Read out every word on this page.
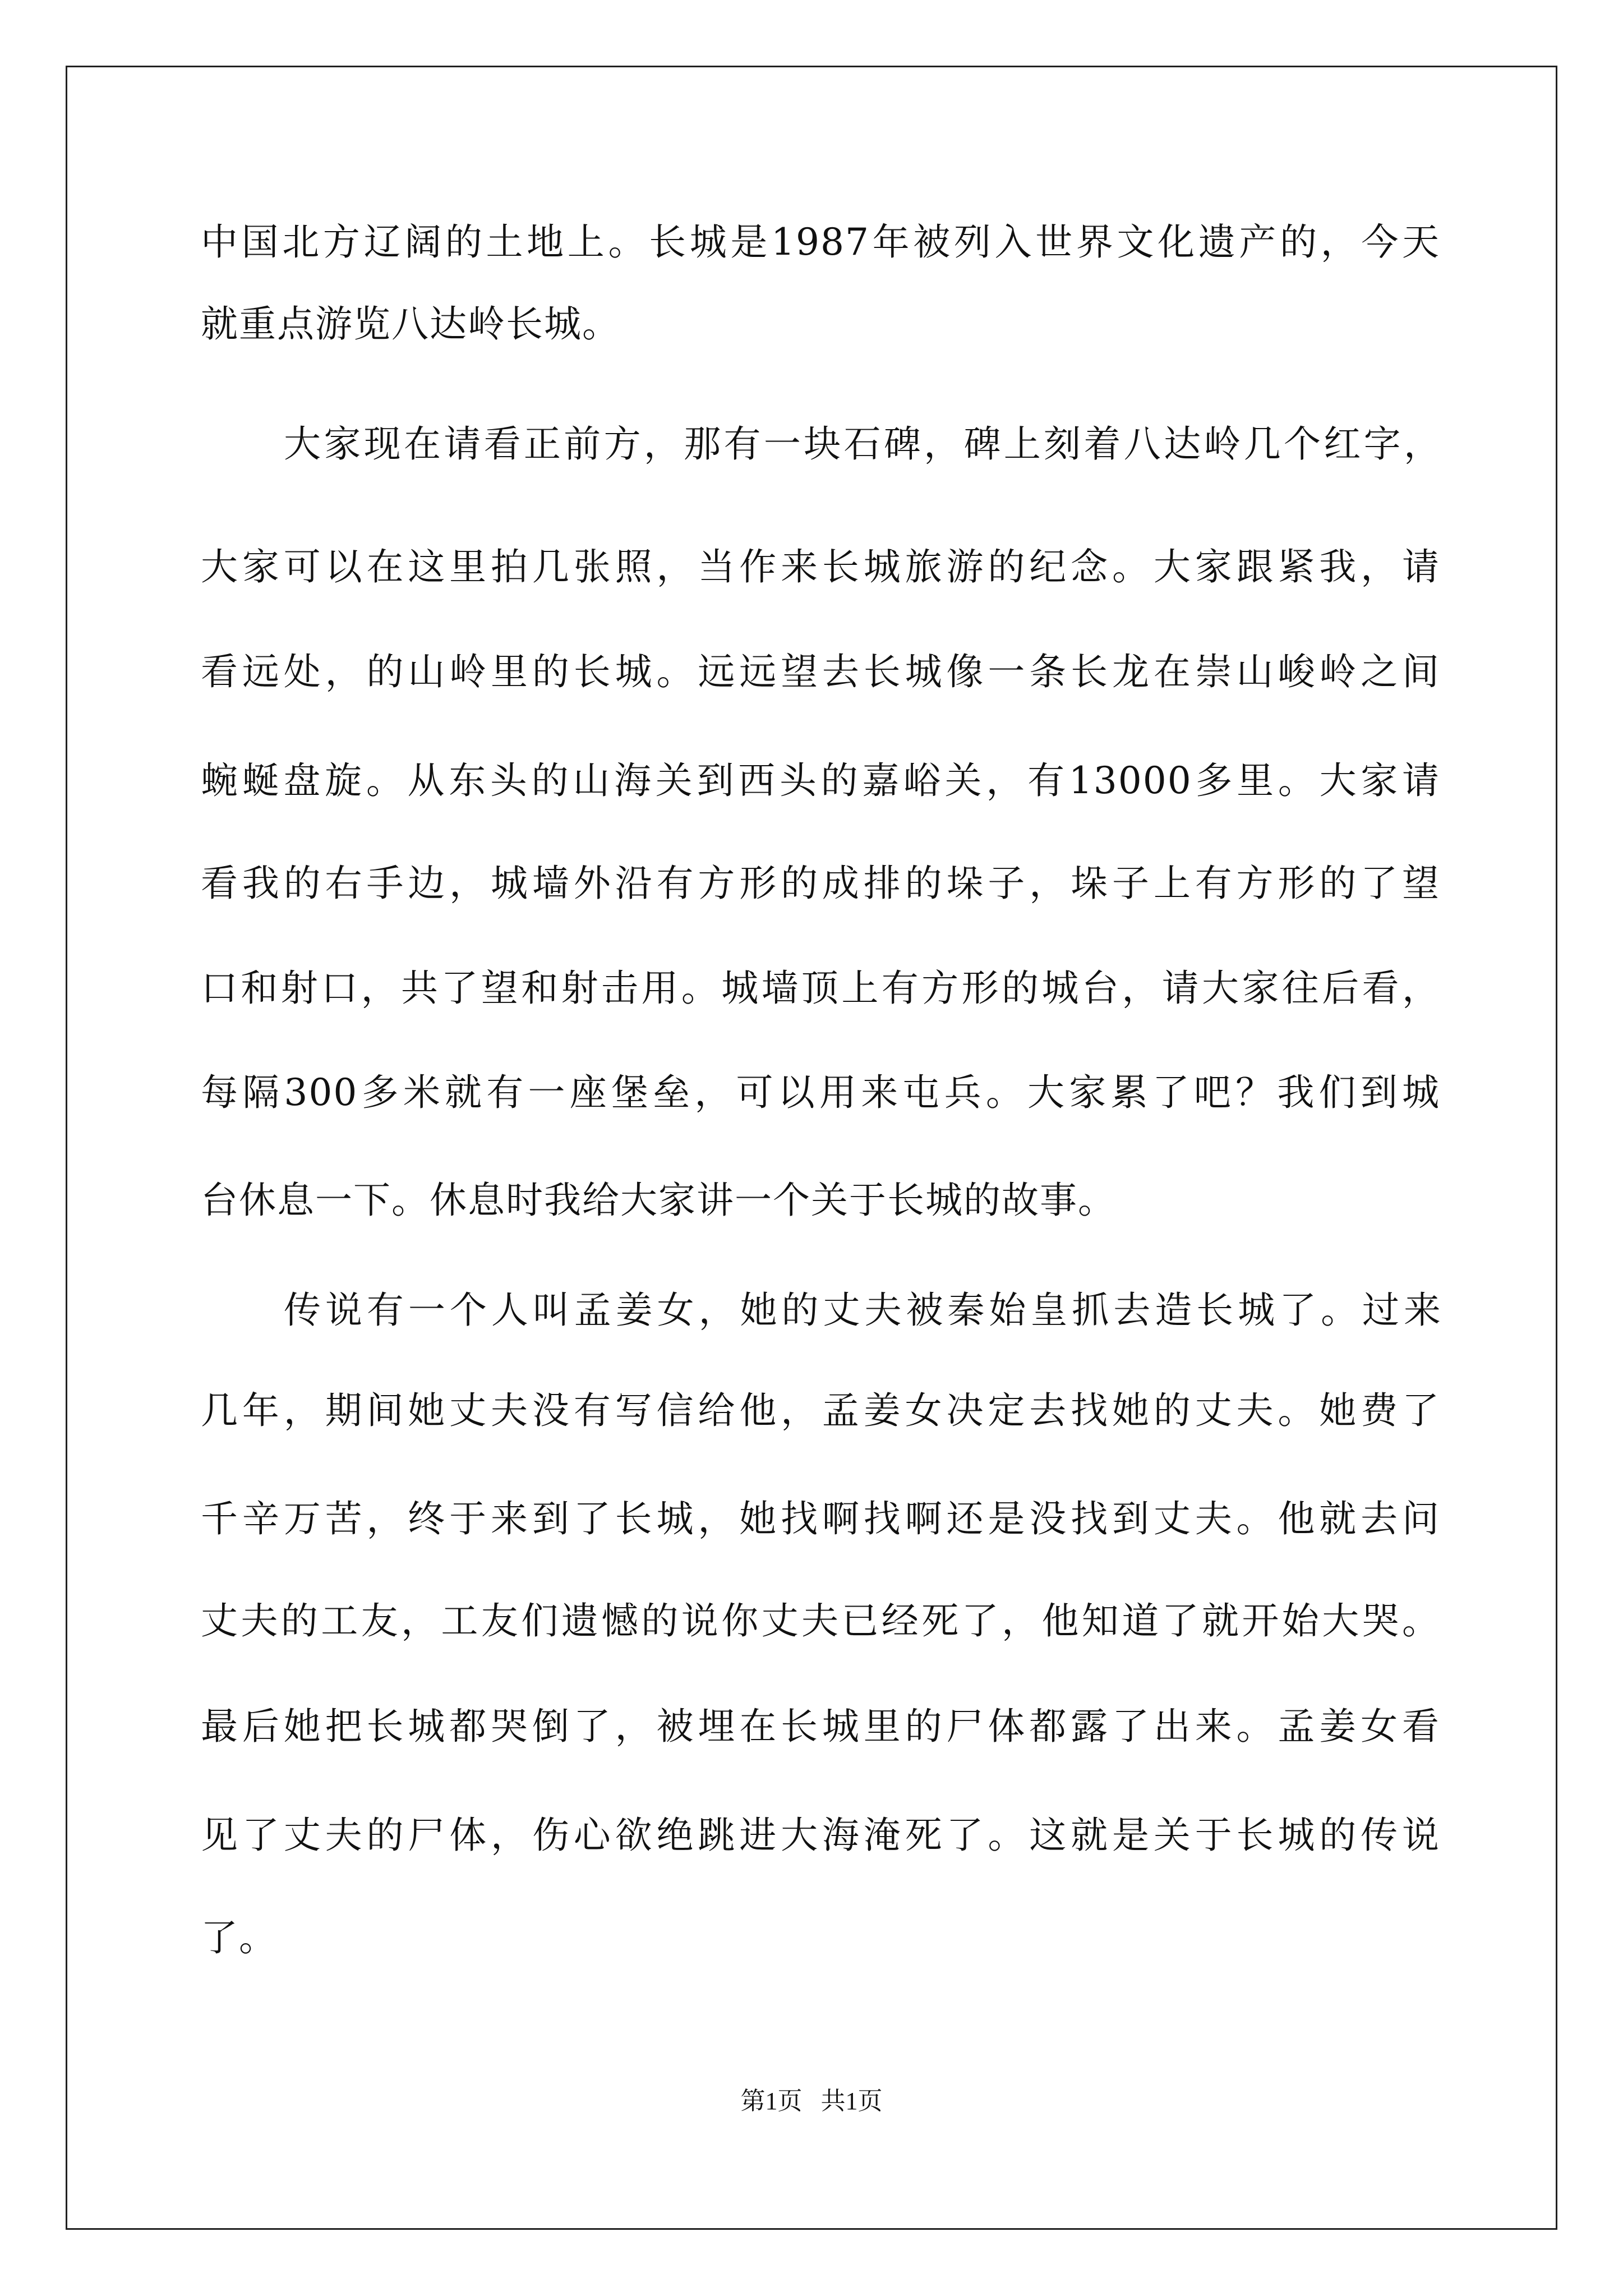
中国北方辽阔的土地上。长城是1987年被列入世界文化遗产的，今天
就重点游览八达岭长城。
大家现在请看正前方，那有一块石碑，碑上刻着八达岭几个红字，
大家可以在这里拍几张照，当作来长城旅游的纪念。大家跟紧我，请
看远处，的山岭里的长城。远远望去长城像一条长龙在崇山峻岭之间
蜿蜒盘旋。从东头的山海关到西头的嘉峪关，有13000多里。大家请
看我的右手边，城墙外沿有方形的成排的垛子，垛子上有方形的了望
口和射口，共了望和射击用。城墙顶上有方形的城台，请大家往后看，
每隔300多米就有一座堡垒，可以用来屯兵。大家累了吧？我们到城
台休息一下。休息时我给大家讲一个关于长城的故事。
传说有一个人叫孟姜女，她的丈夫被秦始皇抓去造长城了。过来
几年，期间她丈夫没有写信给他，孟姜女决定去找她的丈夫。她费了
千辛万苦，终于来到了长城，她找啊找啊还是没找到丈夫。他就去问
丈夫的工友，工友们遗憾的说你丈夫已经死了，他知道了就开始大哭。
最后她把长城都哭倒了，被埋在长城里的尸体都露了出来。孟姜女看
见了丈夫的尸体，伤心欲绝跳进大海淹死了。这就是关于长城的传说
了。
第1页   共1页
